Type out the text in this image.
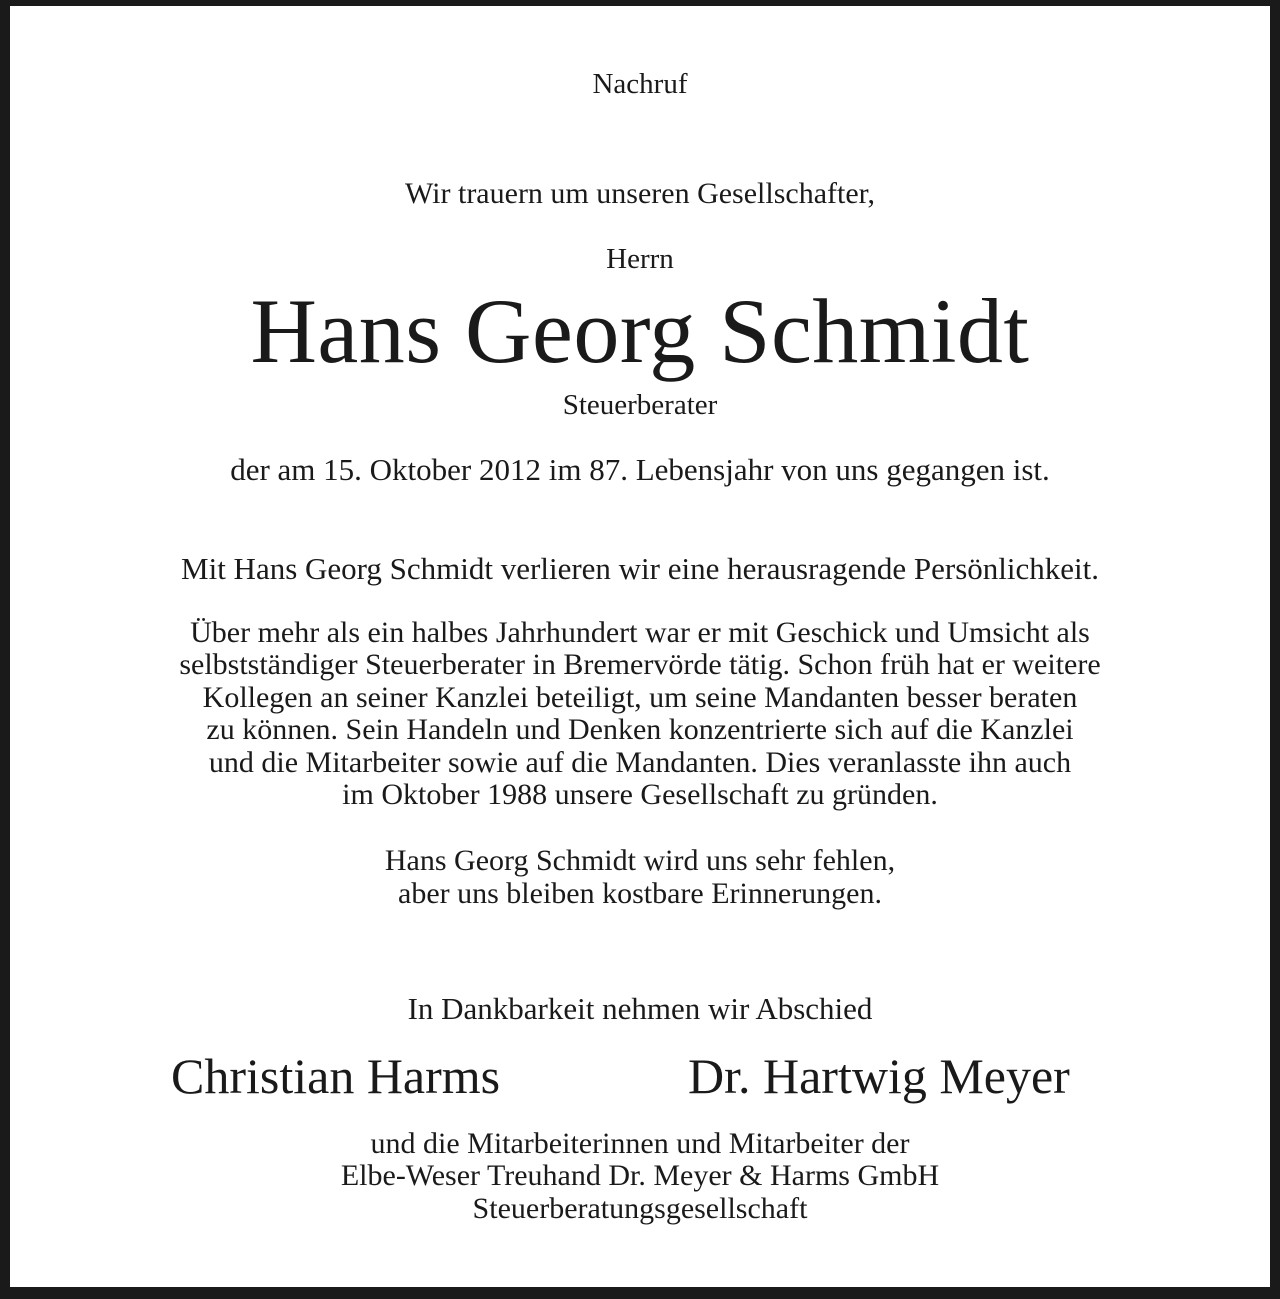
Nachruf

Wir trauern um unseren Gesellschafter,

Herrn

Hans Georg Schmidt

Steuerberater

der am 15. Oktober 2012 im 87. Lebensjahr von uns gegangen ist.

Mit Hans Georg Schmidt verlieren wir eine herausragende Persönlichkeit.

Über mehr als ein halbes Jahrhundert war er mit Geschick und Umsicht als

selbstständiger Steuerberater in Bremervörde tätig. Schon früh hat er weitere

Kollegen an seiner Kanzlei beteiligt, um seine Mandanten besser beraten

zu können. Sein Handeln und Denken konzentrierte sich auf die Kanzlei

und die Mitarbeiter sowie auf die Mandanten. Dies veranlasste ihn auch

im Oktober 1988 unsere Gesellschaft zu gründen.

Hans Georg Schmidt wird uns sehr fehlen,

aber uns bleiben kostbare Erinnerungen.

In Dankbarkeit nehmen wir Abschied

Christian Harms	Dr. Hartwig Meyer

und die Mitarbeiterinnen und Mitarbeiter der

Elbe-Weser Treuhand Dr. Meyer & Harms GmbH

Steuerberatungsgesellschaft
